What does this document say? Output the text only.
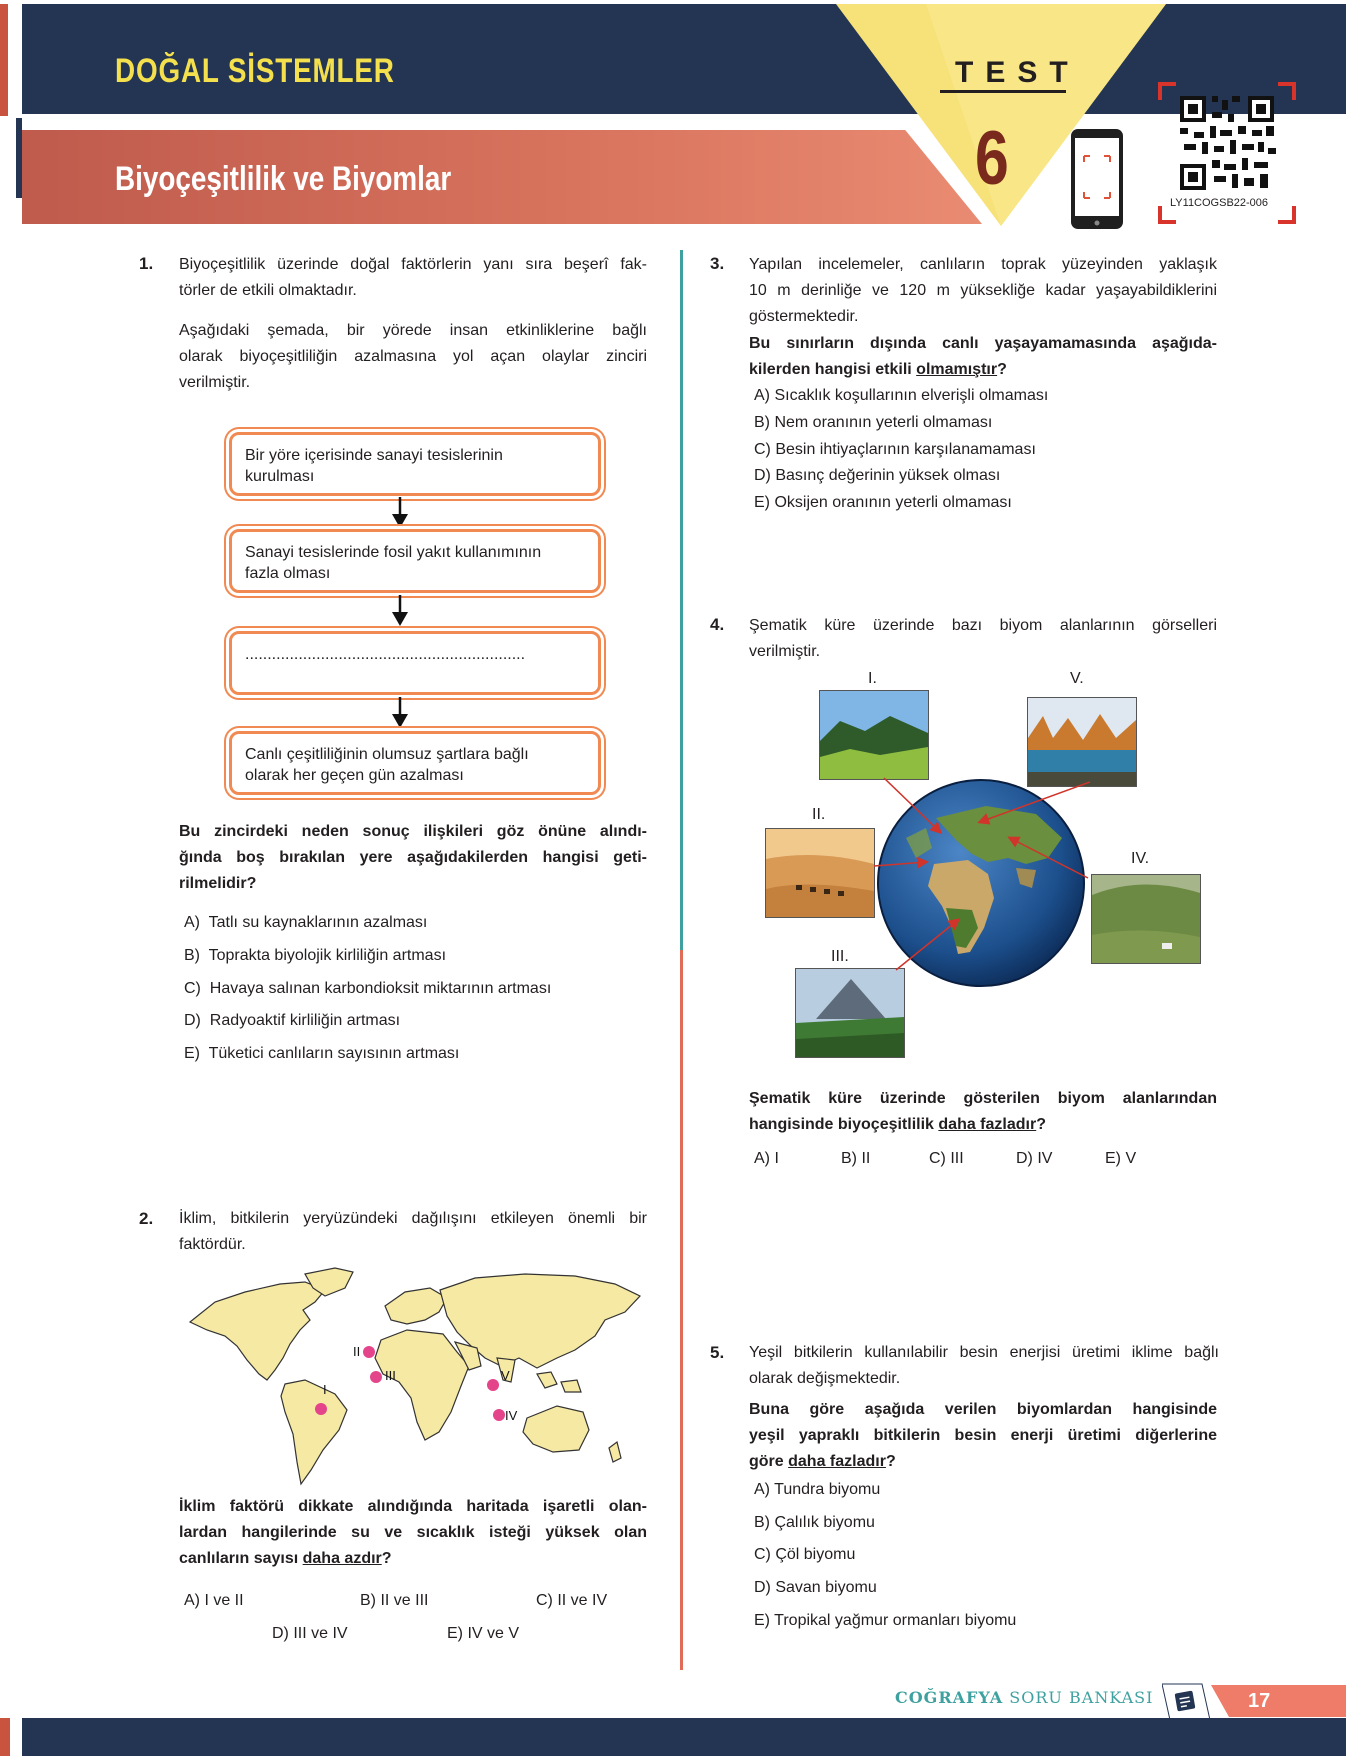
DOĞAL SİSTEMLER
Biyoçeşitlilik ve Biyomlar
TEST
6
LY11COGSB22-006
1. Biyoçeşitlilik üzerinde doğal faktörlerin yanı sıra beşerî fak-
törler de etkili olmaktadır.
Aşağıdaki şemada, bir yörede insan etkinliklerine bağlı
olarak biyoçeşitliliğin azalmasına yol açan olaylar zinciri
verilmiştir.
Bir yöre içerisinde sanayi tesislerinin
kurulması
Sanayi tesislerinde fosil yakıt kullanımının
fazla olması
...............................................................
Canlı çeşitliliğinin olumsuz şartlara bağlı
olarak her geçen gün azalması
Bu zincirdeki neden sonuç ilişkileri göz önüne alındı-
ğında boş bırakılan yere aşağıdakilerden hangisi geti-
rilmelidir?
A) Tatlı su kaynaklarının azalması
B) Toprakta biyolojik kirliliğin artması
C) Havaya salınan karbondioksit miktarının artması
D) Radyoaktif kirliliğin artması
E) Tüketici canlıların sayısının artması
2. İklim, bitkilerin yeryüzündeki dağılışını etkileyen önemli bir
faktördür.
I
II
III
IV
V
İklim faktörü dikkate alındığında haritada işaretli olan-
lardan hangilerinde su ve sıcaklık isteği yüksek olan
canlıların sayısı daha azdır?
A) I ve II	B) II ve III	C) II ve IV
D) III ve IV	E) IV ve V
3. Yapılan incelemeler, canlıların toprak yüzeyinden yaklaşık
10 m derinliğe ve 120 m yüksekliğe kadar yaşayabildiklerini
göstermektedir.
Bu sınırların dışında canlı yaşayamamasında aşağıda-
kilerden hangisi etkili olmamıştır?
A) Sıcaklık koşullarının elverişli olmaması
B) Nem oranının yeterli olmaması
C) Besin ihtiyaçlarının karşılanamaması
D) Basınç değerinin yüksek olması
E) Oksijen oranının yeterli olmaması
4. Şematik küre üzerinde bazı biyom alanlarının görselleri
verilmiştir.
I.
II.
III.
IV.
V.
Şematik küre üzerinde gösterilen biyom alanlarından
hangisinde biyoçeşitlilik daha fazladır?
A) I	B) II	C) III	D) IV	E) V
5. Yeşil bitkilerin kullanılabilir besin enerjisi üretimi iklime bağlı
olarak değişmektedir.
Buna göre aşağıda verilen biyomlardan hangisinde
yeşil yapraklı bitkilerin besin enerji üretimi diğerlerine
göre daha fazladır?
A) Tundra biyomu
B) Çalılık biyomu
C) Çöl biyomu
D) Savan biyomu
E) Tropikal yağmur ormanları biyomu
COĞRAFYA SORU BANKASI	17
